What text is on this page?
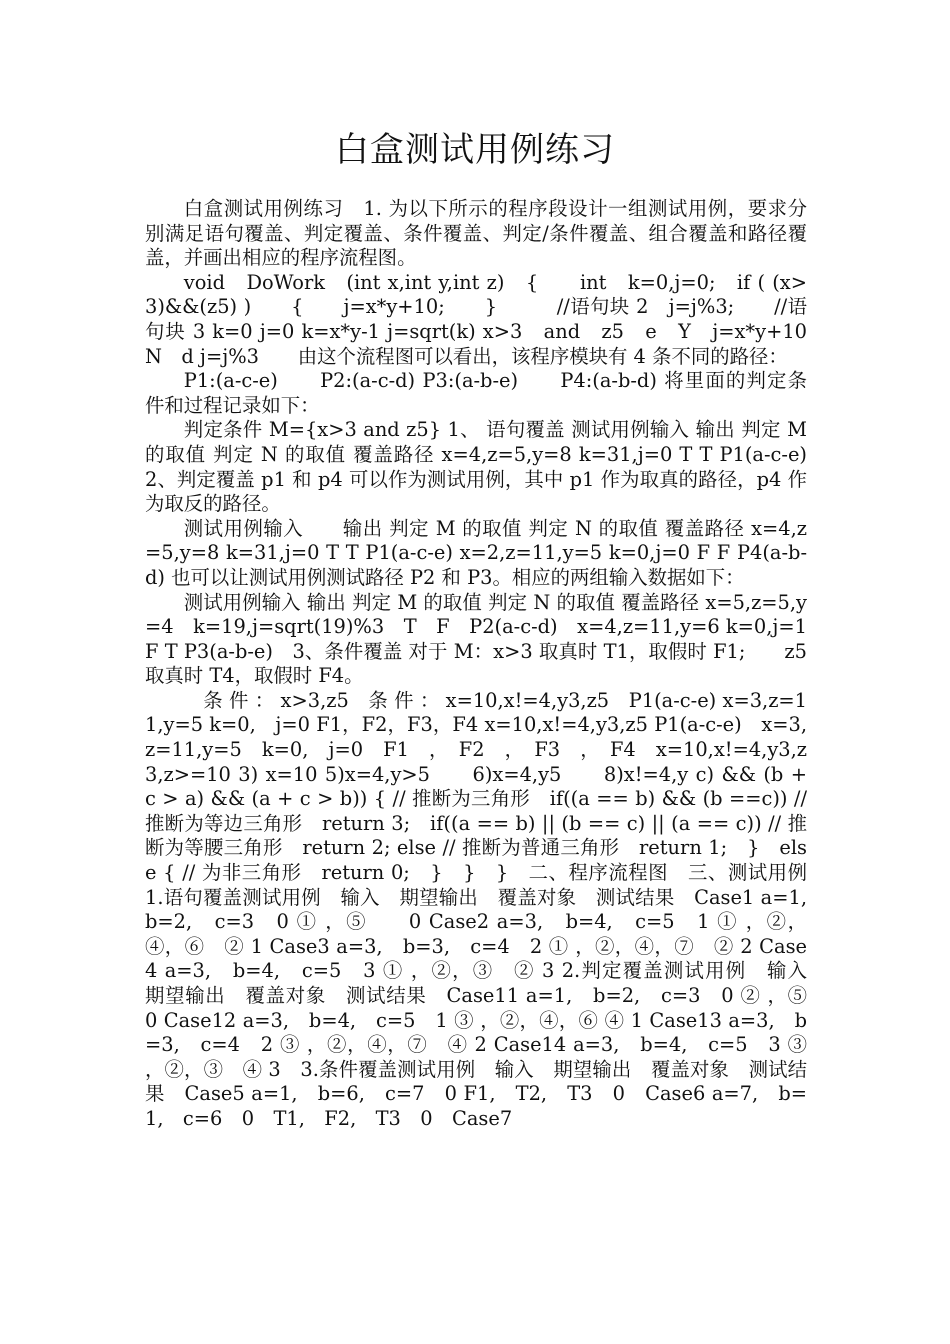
白盒测试用例练习

白盒测试用例练习　1. 为以下所示的程序段设计一组测试用例，要求分别满足语句覆盖、判定覆盖、条件覆盖、判定/条件覆盖、组合覆盖和路径覆盖，并画出相应的程序流程图。

void　DoWork　(int x,int y,int z)　{　　int　k=0,j=0;　if ( (x>3)&&(z5) )　　{　　j=x*y+10;　　}　　　//语句块 2　j=j%3;　　//语句块 3 k=0 j=0 k=x*y-1 j=sqrt(k) x>3　and　z5　e　Y　j=x*y+10　　N　d j=j%3　　由这个流程图可以看出，该程序模块有 4 条不同的路径：

P1:(a-c-e)　　P2:(a-c-d) P3:(a-b-e)　　P4:(a-b-d) 将里面的判定条件和过程记录如下：

判定条件 M={x>3 and z5} 1、 语句覆盖 测试用例输入 输出 判定 M 的取值 判定 N 的取值 覆盖路径 x=4,z=5,y=8 k=31,j=0 T T P1(a-c-e)　2、判定覆盖 p1 和 p4 可以作为测试用例，其中 p1 作为取真的路径，p4 作为取反的路径。

测试用例输入　　输出 判定 M 的取值 判定 N 的取值 覆盖路径 x=4,z=5,y=8 k=31,j=0 T T P1(a-c-e) x=2,z=11,y=5 k=0,j=0 F F P4(a-b-d) 也可以让测试用例测试路径 P2 和 P3。相应的两组输入数据如下：

测试用例输入 输出 判定 M 的取值 判定 N 的取值 覆盖路径 x=5,z=5,y=4　k=19,j=sqrt(19)%3　T　F　P2(a-c-d)　x=4,z=11,y=6 k=0,j=1 F T P3(a-b-e)　3、条件覆盖 对于 M：x>3 取真时 T1，取假时 F1;　　z5 取真时 T4，取假时 F4。

　条 件 ： x>3,z5　条 件 ： x=10,x!=4,y3,z5　P1(a-c-e) x=3,z=11,y=5 k=0,　j=0 F1，F2，F3，F4 x=10,x!=4,y3,z5 P1(a-c-e)　x=3,z=11,y=5　k=0,　j=0　F1　，　F2　，　F3　，　F4　x=10,x!=4,y3,z3,z>=10 3) x=10 5)x=4,y>5　　6)x=4,y5　　8)x!=4,y c) && (b + c > a) && (a + c > b)) { // 推断为三角形　if((a == b) && (b ==c)) // 推断为等边三角形　return 3;　if((a == b) || (b == c) || (a == c)) // 推断为等腰三角形　return 2; else // 推断为普通三角形　return 1;　}　else { // 为非三角形　return 0;　}　}　}　二、程序流程图　三、测试用例　1.语句覆盖测试用例　输入　期望输出　覆盖对象　测试结果　Case1 a=1,　b=2,　c=3　0 ① ，⑤　　0 Case2 a=3,　b=4,　c=5　1 ① ，②，④，⑥　② 1 Case3 a=3,　b=3,　c=4　2 ① ，②，④，⑦　② 2 Case4 a=3,　b=4,　c=5　3 ① ，②，③　② 3 2.判定覆盖测试用例　输入　期望输出　覆盖对象　测试结果　Case11 a=1,　b=2,　c=3　0 ② ，⑤　　0 Case12 a=3,　b=4,　c=5　1 ③ ，②，④，⑥ ④ 1 Case13 a=3,　b=3,　c=4　2 ③ ，②，④，⑦　④ 2 Case14 a=3,　b=4,　c=5　3 ③ ，②，③　④ 3　3.条件覆盖测试用例　输入　期望输出　覆盖对象　测试结果　Case5 a=1,　b=6,　c=7　0 F1,　T2,　T3　0　Case6 a=7,　b=1,　c=6　0　T1,　F2,　T3　0　Case7
